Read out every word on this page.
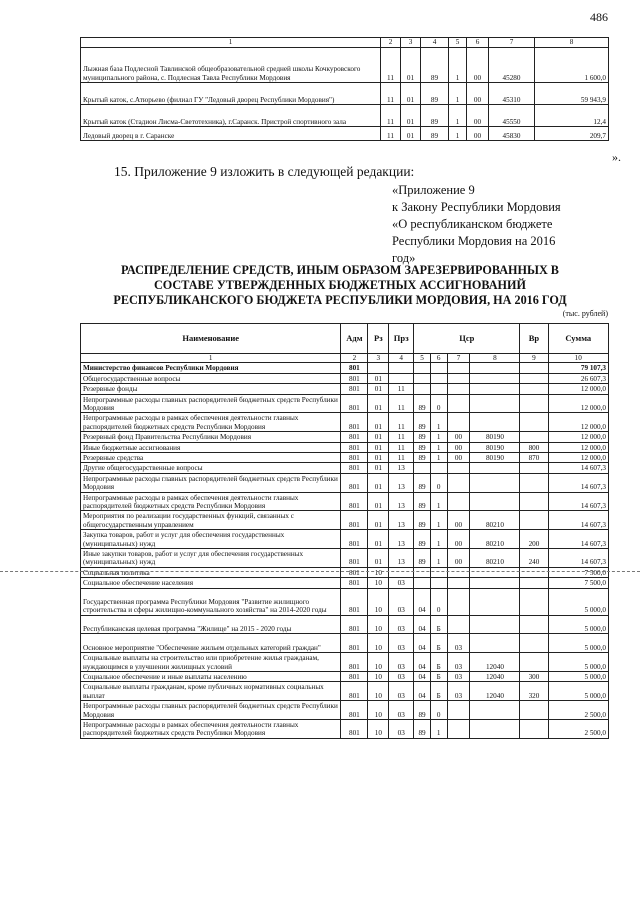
486
1	2	3	4	5	6	7	8
Лыжная база Подлесной Тавлинской общеобразовательной средней школы Кочкуровского муниципального района, с. Подлесная Тавла Республики Мордовия	11	01	89	1	00	45280	1 600,0
Крытый каток, с.Атюрьево (филиал ГУ "Ледовый дворец Республики Мордовия")	11	01	89	1	00	45310	59 943,9
Крытый каток (Стадион Лисма-Светотехника), г.Саранск. Пристрой спортивного зала	11	01	89	1	00	45550	12,4
Ледовый дворец в г. Саранске	11	01	89	1	00	45830	209,7
».
15. Приложение 9 изложить в следующей редакции:
«Приложение 9
к Закону Республики Мордовия
«О республиканском бюджете
Республики Мордовия на 2016
год»
РАСПРЕДЕЛЕНИЕ СРЕДСТВ, ИНЫМ ОБРАЗОМ ЗАРЕЗЕРВИРОВАННЫХ В
СОСТАВЕ УТВЕРЖДЕННЫХ БЮДЖЕТНЫХ АССИГНОВАНИЙ
РЕСПУБЛИКАНСКОГО БЮДЖЕТА РЕСПУБЛИКИ МОРДОВИЯ, НА 2016 ГОД
(тыс. рублей)
Наименование	Адм	Рз	Прз	Цср				Вр	Сумма
1	2	3	4	5	6	7	8	9	10
Министерство финансов Республики Мордовия	801								79 107,3
Общегосударственные вопросы	801	01							26 607,3
Резервные фонды	801	01	11						12 000,0
Непрограммные расходы главных распорядителей бюджетных средств Республики Мордовия	801	01	11	89	0				12 000,0
Непрограммные расходы в рамках обеспечения деятельности главных распорядителей бюджетных средств Республики Мордовия	801	01	11	89	1				12 000,0
Резервный фонд Правительства Республики Мордовия	801	01	11	89	1	00	80190		12 000,0
Иные бюджетные ассигнования	801	01	11	89	1	00	80190	800	12 000,0
Резервные средства	801	01	11	89	1	00	80190	870	12 000,0
Другие общегосударственные вопросы	801	01	13						14 607,3
Непрограммные расходы главных распорядителей бюджетных средств Республики Мордовия	801	01	13	89	0				14 607,3
Непрограммные расходы в рамках обеспечения деятельности главных распорядителей бюджетных средств Республики Мордовия	801	01	13	89	1				14 607,3
Мероприятия по реализации государственных функций, связанных с общегосударственным управлением	801	01	13	89	1	00	80210		14 607,3
Закупка товаров, работ и услуг для обеспечения государственных (муниципальных) нужд	801	01	13	89	1	00	80210	200	14 607,3
Иные закупки товаров, работ и услуг для обеспечения государственных (муниципальных) нужд	801	01	13	89	1	00	80210	240	14 607,3
Социальная политика	801	10							7 500,0
Социальное обеспечение населения	801	10	03						7 500,0
Государственная программа Республики Мордовия "Развитие жилищного строительства и сферы жилищно-коммунального хозяйства" на 2014-2020 годы	801	10	03	04	0				5 000,0
Республиканская целевая программа "Жилище" на 2015 - 2020 годы	801	10	03	04	Б				5 000,0
Основное мероприятие "Обеспечение жильем отдельных категорий граждан"	801	10	03	04	Б	03			5 000,0
Социальные выплаты на строительство или приобретение жилья гражданам, нуждающимся в улучшении жилищных условий	801	10	03	04	Б	03	12040		5 000,0
Социальное обеспечение и иные выплаты населению	801	10	03	04	Б	03	12040	300	5 000,0
Социальные выплаты гражданам, кроме публичных нормативных социальных выплат	801	10	03	04	Б	03	12040	320	5 000,0
Непрограммные расходы главных распорядителей бюджетных средств Республики Мордовия	801	10	03	89	0				2 500,0
Непрограммные расходы в рамках обеспечения деятельности главных распорядителей бюджетных средств Республики Мордовия	801	10	03	89	1				2 500,0
